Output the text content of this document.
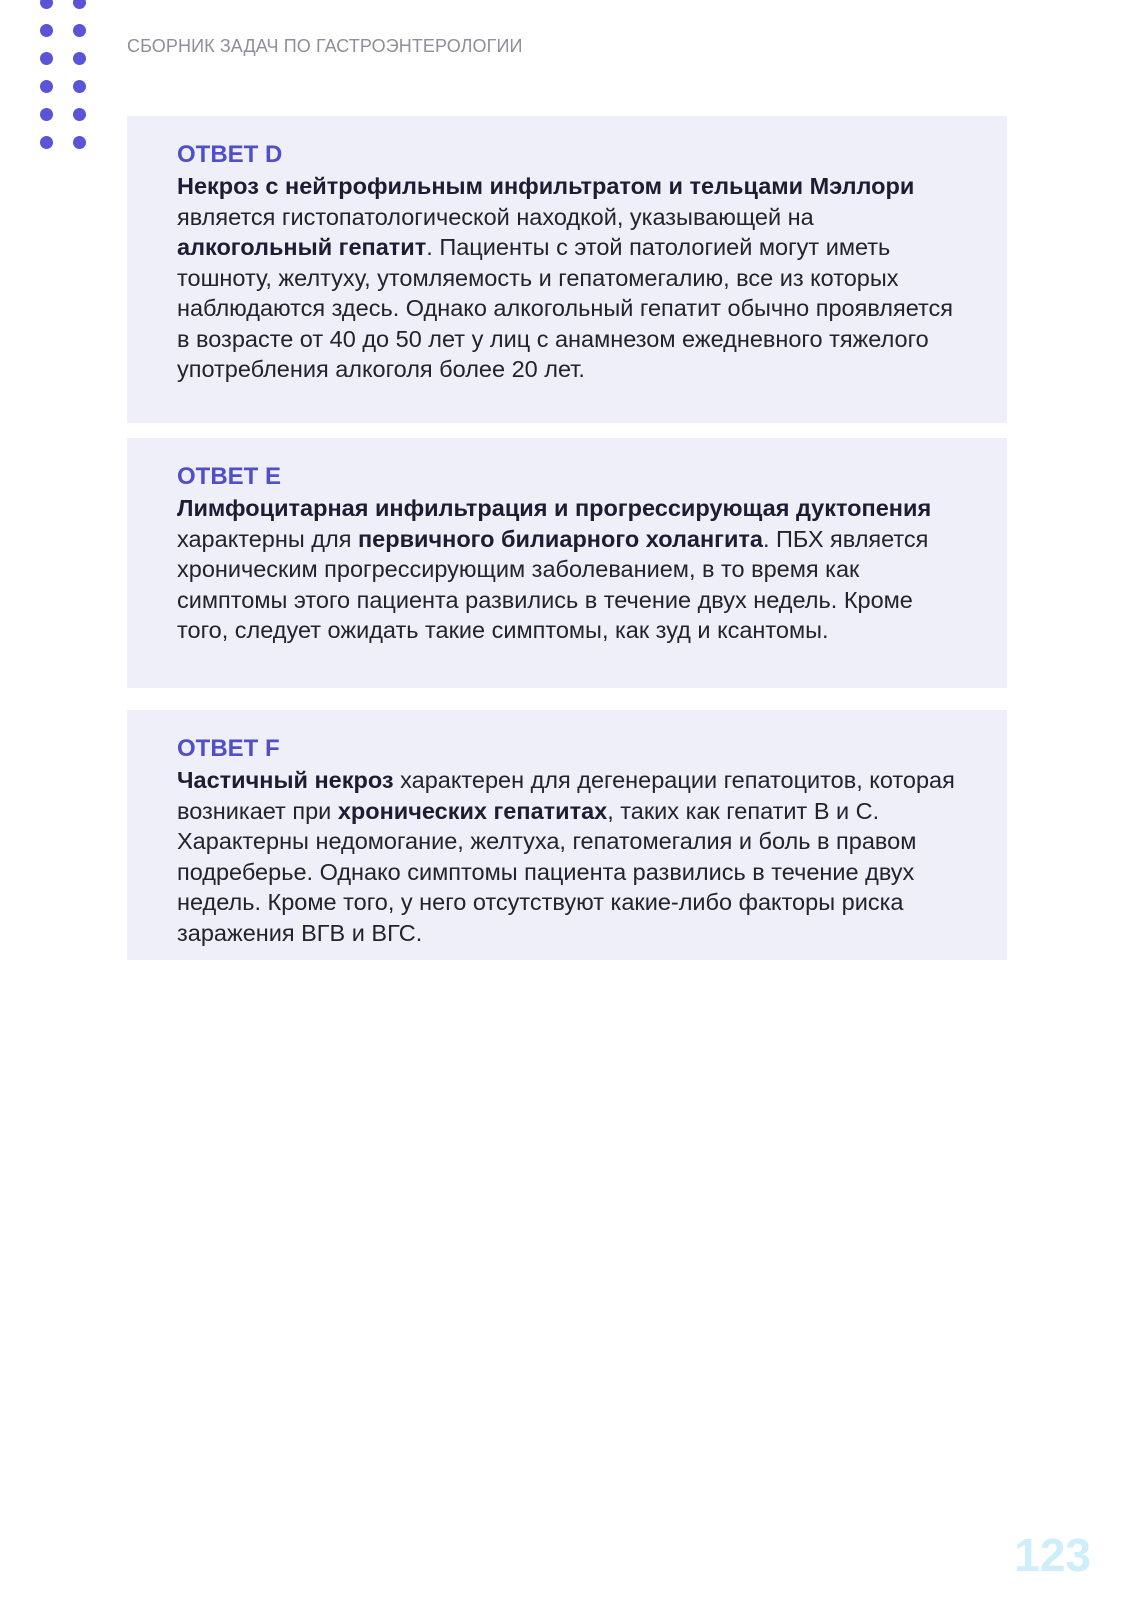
СБОРНИК ЗАДАЧ ПО ГАСТРОЭНТЕРОЛОГИИ
ОТВЕТ D
Некроз с нейтрофильным инфильтратом и тельцами Мэллори является гистопатологической находкой, указывающей на алкогольный гепатит. Пациенты с этой патологией могут иметь тошноту, желтуху, утомляемость и гепатомегалию, все из которых наблюдаются здесь. Однако алкогольный гепатит обычно проявляется в возрасте от 40 до 50 лет у лиц с анамнезом ежедневного тяжелого употребления алкоголя более 20 лет.
ОТВЕТ E
Лимфоцитарная инфильтрация и прогрессирующая дуктопения характерны для первичного билиарного холангита. ПБХ является хроническим прогрессирующим заболеванием, в то время как симптомы этого пациента развились в течение двух недель. Кроме того, следует ожидать такие симптомы, как зуд и ксантомы.
ОТВЕТ F
Частичный некроз характерен для дегенерации гепатоцитов, которая возникает при хронических гепатитах, таких как гепатит B и C. Характерны недомогание, желтуха, гепатомегалия и боль в правом подреберье. Однако симптомы пациента развились в течение двух недель. Кроме того, у него отсутствуют какие-либо факторы риска заражения ВГВ и ВГС.
123
